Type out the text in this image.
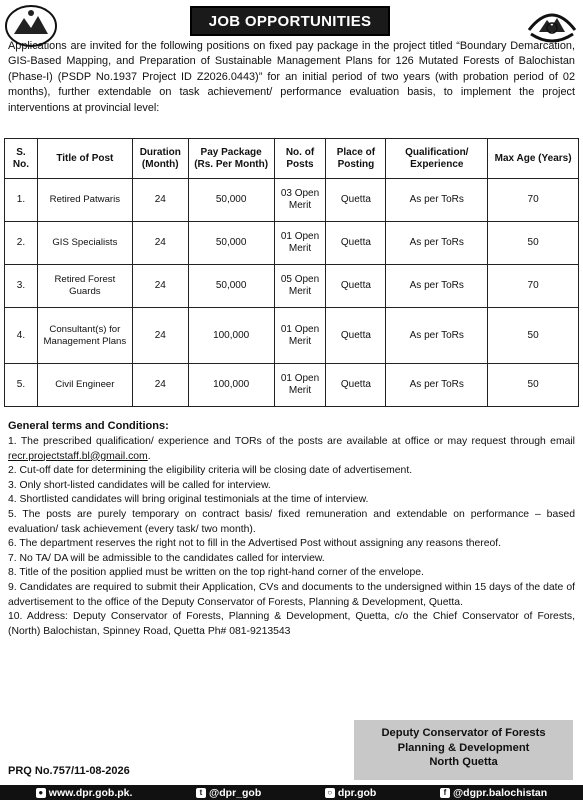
JOB OPPORTUNITIES

Applications are invited for the following positions on fixed pay package in the project titled “Boundary Demarcation, GIS-Based Mapping, and Preparation of Sustainable Management Plans for 126 Mutated Forests of Balochistan (Phase-I) (PSDP No.1937 Project ID Z2026.0443)” for an initial period of two years (with probation period of 02 months), further extendable on task achievement/ performance evaluation basis, to implement the project interventions at provincial level:

S. No.	Title of Post	Duration (Month)	Pay Package (Rs. Per Month)	No. of Posts	Place of Posting	Qualification/ Experience	Max Age (Years)
1.	Retired Patwaris	24	50,000	03 Open Merit	Quetta	As per ToRs	70
2.	GIS Specialists	24	50,000	01 Open Merit	Quetta	As per ToRs	50
3.	Retired Forest Guards	24	50,000	05 Open Merit	Quetta	As per ToRs	70
4.	Consultant(s) for Management Plans	24	100,000	01 Open Merit	Quetta	As per ToRs	50
5.	Civil Engineer	24	100,000	01 Open Merit	Quetta	As per ToRs	50
General terms and Conditions:
1. The prescribed qualification/ experience and TORs of the posts are available at office or may request through email recr.projectstaff.bl@gmail.com.
2. Cut-off date for determining the eligibility criteria will be closing date of advertisement.
3. Only short-listed candidates will be called for interview.
4. Shortlisted candidates will bring original testimonials at the time of interview.
5. The posts are purely temporary on contract basis/ fixed remuneration and extendable on performance – based evaluation/ task achievement (every task/ two month).
6. The department reserves the right not to fill in the Advertised Post without assigning any reasons thereof.
7. No TA/ DA will be admissible to the candidates called for interview.
8. Title of the position applied must be written on the top right-hand corner of the envelope.
9. Candidates are required to submit their Application, CVs and documents to the undersigned within 15 days of the date of advertisement to the office of the Deputy Conservator of Forests, Planning & Development, Quetta.
10. Address: Deputy Conservator of Forests, Planning & Development, Quetta, c/o the Chief Conservator of Forests, (North) Balochistan, Spinney Road, Quetta Ph# 081-9213543
Deputy Conservator of Forests
Planning & Development
North Quetta
PRQ No.757/11-08-2026
● www.dpr.gob.pk.	t @dpr_gob	○ dpr.gob	f @dgpr.balochistan
